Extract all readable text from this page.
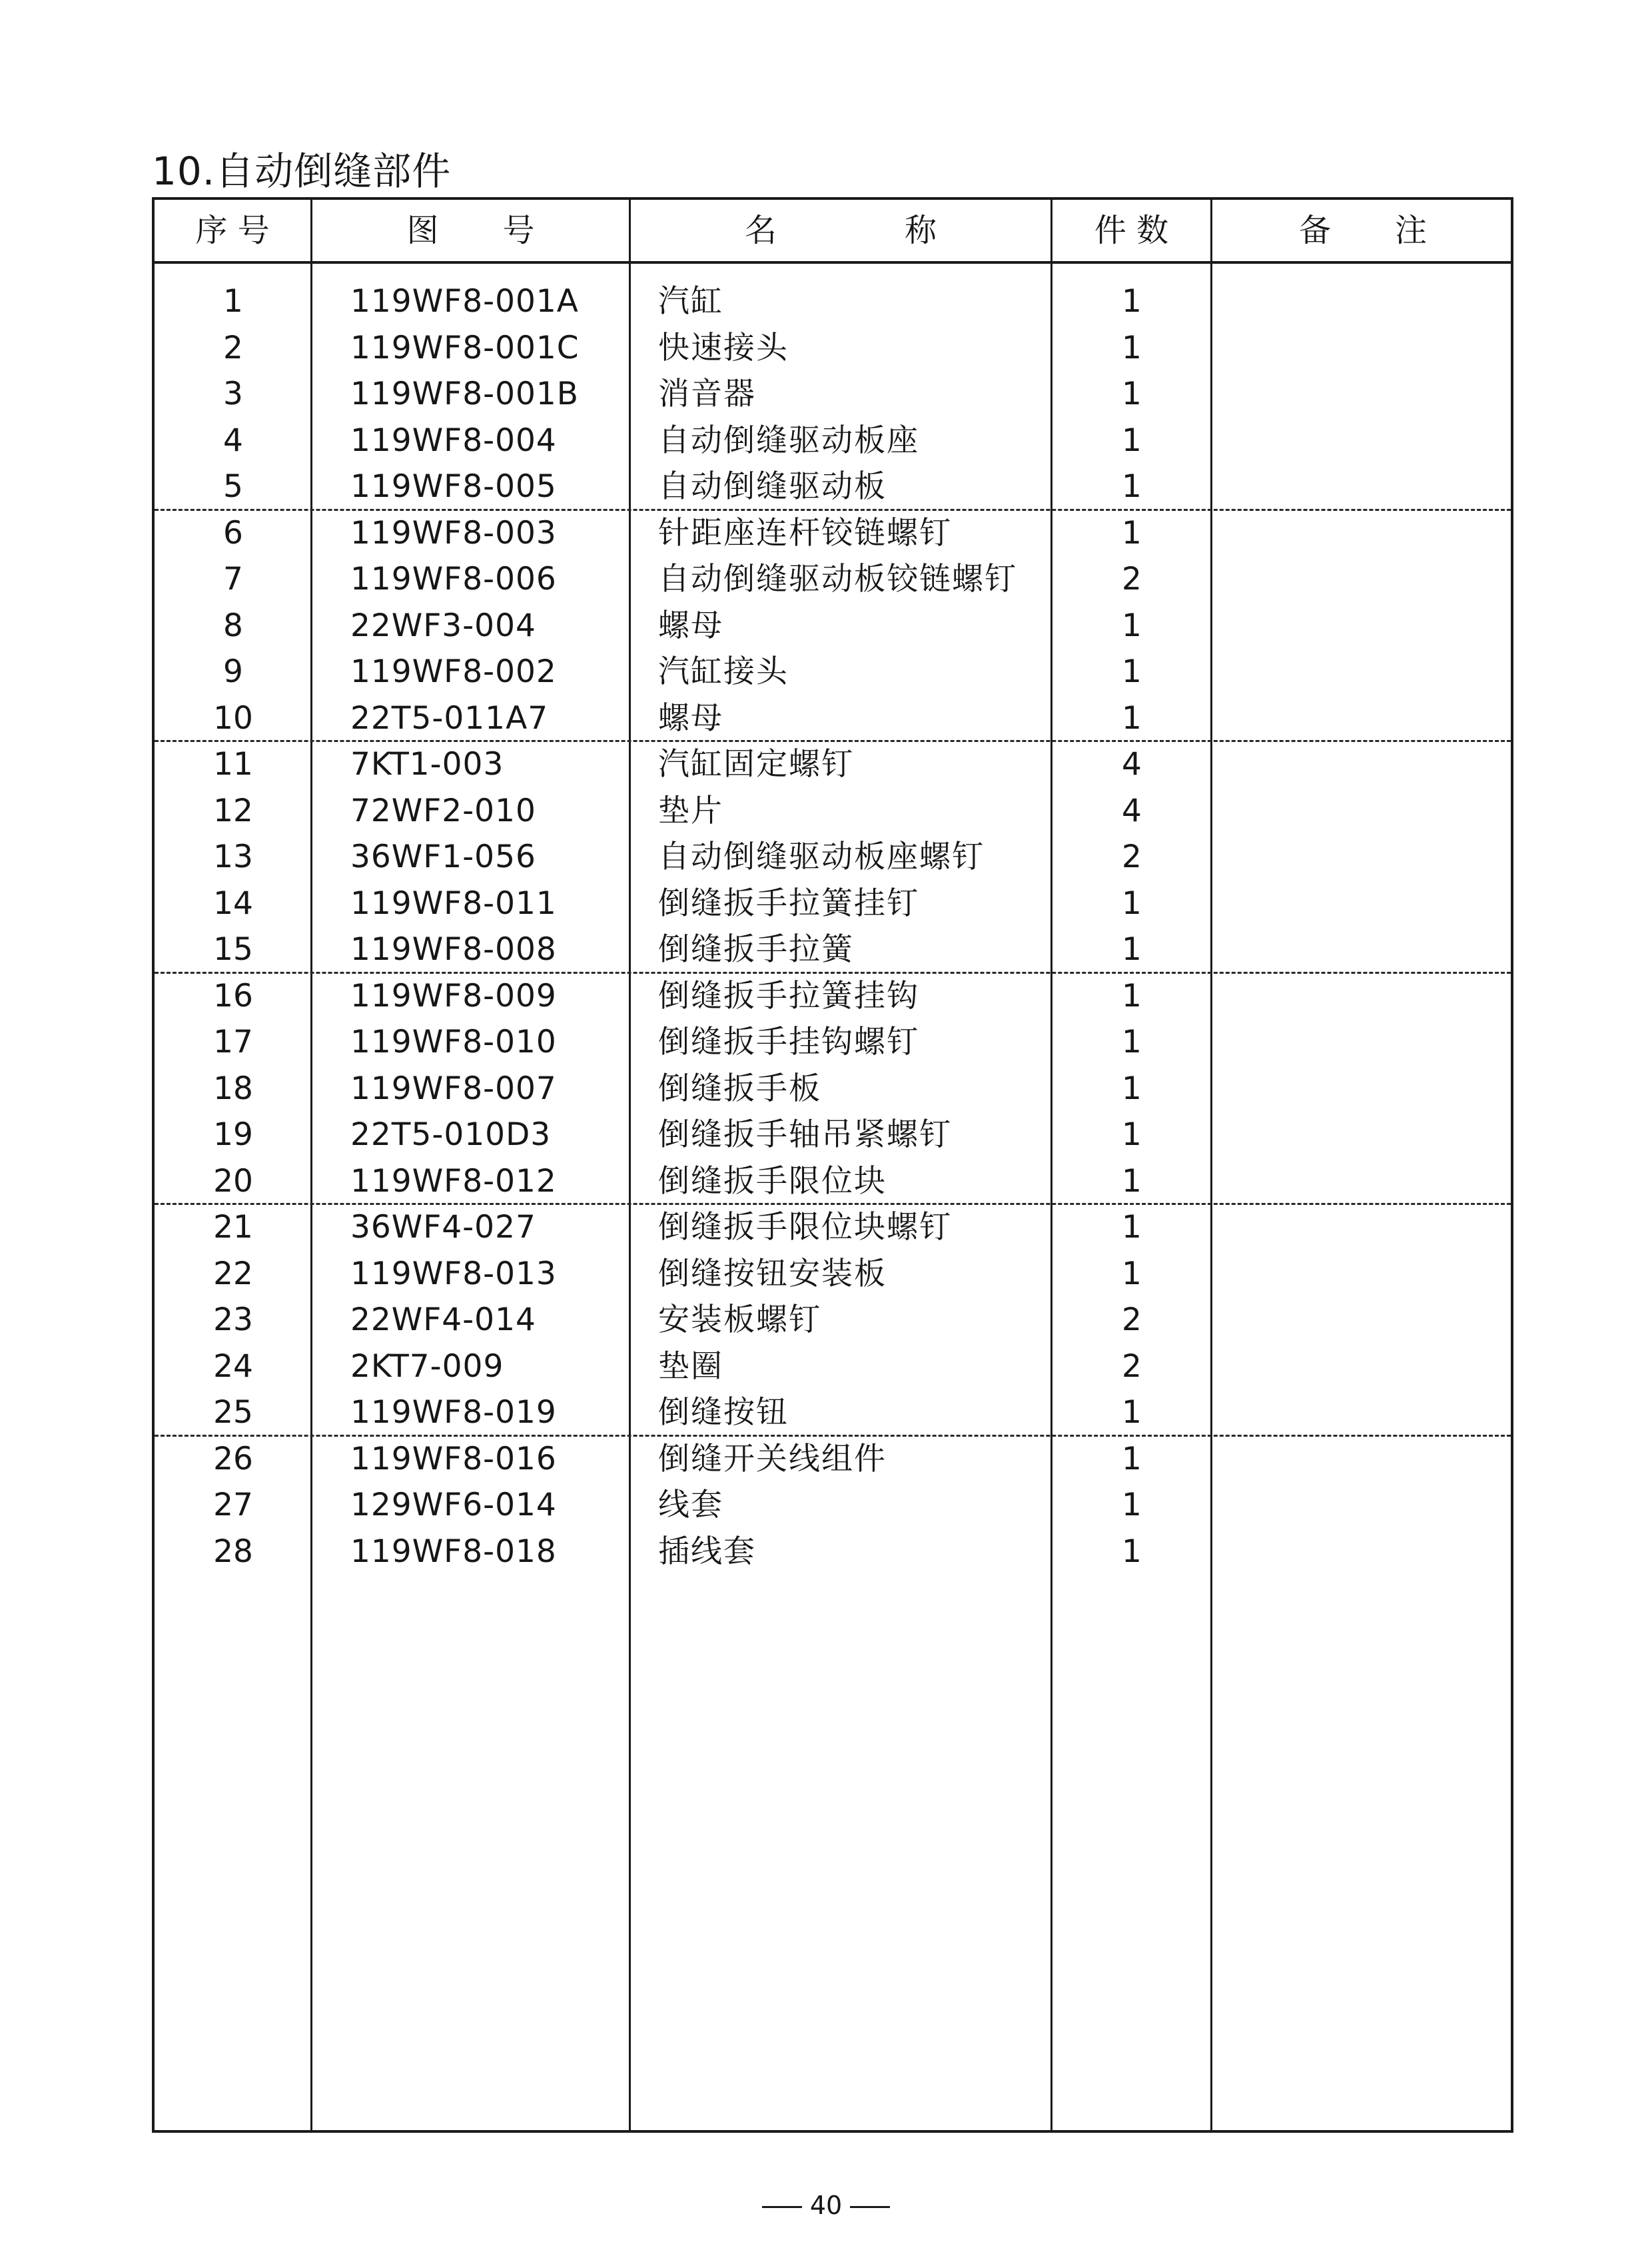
10.自动倒缝部件
序 号	图　　号	名　　　　称	件 数	备　　注
1	119WF8-001A	汽缸	1
2	119WF8-001C	快速接头	1
3	119WF8-001B	消音器	1
4	119WF8-004	自动倒缝驱动板座	1
5	119WF8-005	自动倒缝驱动板	1
6	119WF8-003	针距座连杆铰链螺钉	1
7	119WF8-006	自动倒缝驱动板铰链螺钉	2
8	22WF3-004	螺母	1
9	119WF8-002	汽缸接头	1
10	22T5-011A7	螺母	1
11	7KT1-003	汽缸固定螺钉	4
12	72WF2-010	垫片	4
13	36WF1-056	自动倒缝驱动板座螺钉	2
14	119WF8-011	倒缝扳手拉簧挂钉	1
15	119WF8-008	倒缝扳手拉簧	1
16	119WF8-009	倒缝扳手拉簧挂钩	1
17	119WF8-010	倒缝扳手挂钩螺钉	1
18	119WF8-007	倒缝扳手板	1
19	22T5-010D3	倒缝扳手轴吊紧螺钉	1
20	119WF8-012	倒缝扳手限位块	1
21	36WF4-027	倒缝扳手限位块螺钉	1
22	119WF8-013	倒缝按钮安装板	1
23	22WF4-014	安装板螺钉	2
24	2KT7-009	垫圈	2
25	119WF8-019	倒缝按钮	1
26	119WF8-016	倒缝开关线组件	1
27	129WF6-014	线套	1
28	119WF8-018	插线套	1
40
